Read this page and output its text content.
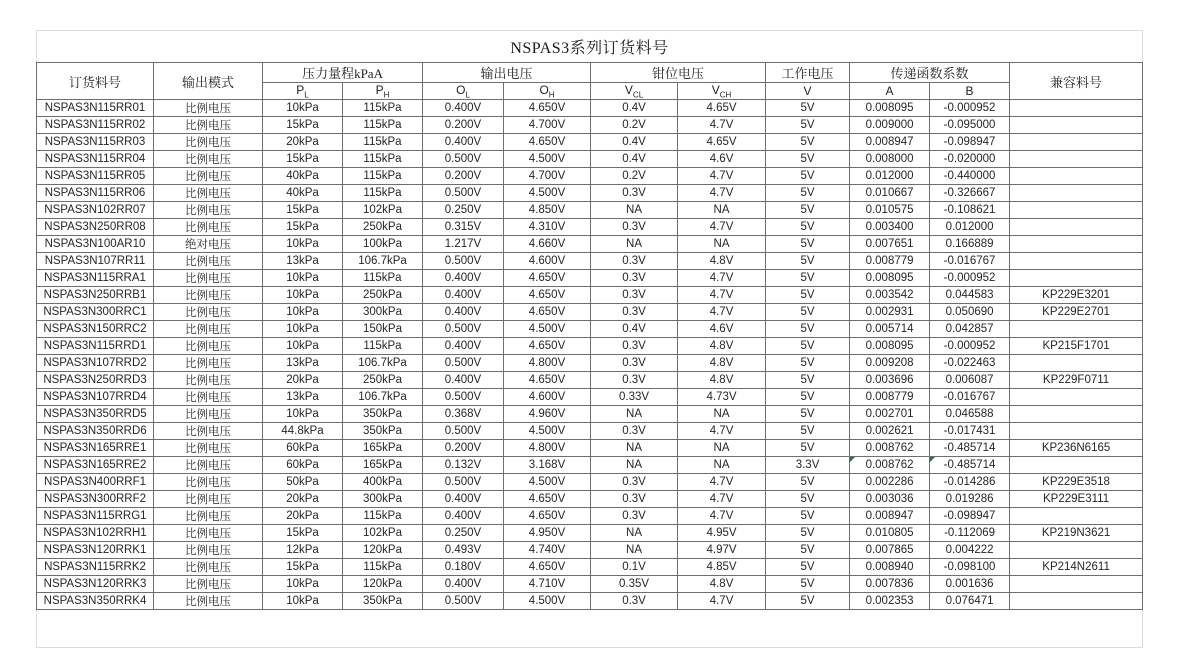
NSPAS3系列订货料号
订货料号	输出模式	压力量程kPaA		输出电压		钳位电压		工作电压	传递函数系数		兼容料号
		$P_L$	$P_H$	$O_L$	$O_H$	$V_{CL}$	$V_{CH}$	V	A	B	
NSPAS3N115RR01	比例电压	10kPa	115kPa	0.400V	4.650V	0.4V	4.65V	5V	0.008095	-0.000952	
NSPAS3N115RR02	比例电压	15kPa	115kPa	0.200V	4.700V	0.2V	4.7V	5V	0.009000	-0.095000	
NSPAS3N115RR03	比例电压	20kPa	115kPa	0.400V	4.650V	0.4V	4.65V	5V	0.008947	-0.098947	
NSPAS3N115RR04	比例电压	15kPa	115kPa	0.500V	4.500V	0.4V	4.6V	5V	0.008000	-0.020000	
NSPAS3N115RR05	比例电压	40kPa	115kPa	0.200V	4.700V	0.2V	4.7V	5V	0.012000	-0.440000	
NSPAS3N115RR06	比例电压	40kPa	115kPa	0.500V	4.500V	0.3V	4.7V	5V	0.010667	-0.326667	
NSPAS3N102RR07	比例电压	15kPa	102kPa	0.250V	4.850V	NA	NA	5V	0.010575	-0.108621	
NSPAS3N250RR08	比例电压	15kPa	250kPa	0.315V	4.310V	0.3V	4.7V	5V	0.003400	0.012000	
NSPAS3N100AR10	绝对电压	10kPa	100kPa	1.217V	4.660V	NA	NA	5V	0.007651	0.166889	
NSPAS3N107RR11	比例电压	13kPa	106.7kPa	0.500V	4.600V	0.3V	4.8V	5V	0.008779	-0.016767	
NSPAS3N115RRA1	比例电压	10kPa	115kPa	0.400V	4.650V	0.3V	4.7V	5V	0.008095	-0.000952	
NSPAS3N250RRB1	比例电压	10kPa	250kPa	0.400V	4.650V	0.3V	4.7V	5V	0.003542	0.044583	KP229E3201
NSPAS3N300RRC1	比例电压	10kPa	300kPa	0.400V	4.650V	0.3V	4.7V	5V	0.002931	0.050690	KP229E2701
NSPAS3N150RRC2	比例电压	10kPa	150kPa	0.500V	4.500V	0.4V	4.6V	5V	0.005714	0.042857	
NSPAS3N115RRD1	比例电压	10kPa	115kPa	0.400V	4.650V	0.3V	4.8V	5V	0.008095	-0.000952	KP215F1701
NSPAS3N107RRD2	比例电压	13kPa	106.7kPa	0.500V	4.800V	0.3V	4.8V	5V	0.009208	-0.022463	
NSPAS3N250RRD3	比例电压	20kPa	250kPa	0.400V	4.650V	0.3V	4.8V	5V	0.003696	0.006087	KP229F0711
NSPAS3N107RRD4	比例电压	13kPa	106.7kPa	0.500V	4.600V	0.33V	4.73V	5V	0.008779	-0.016767	
NSPAS3N350RRD5	比例电压	10kPa	350kPa	0.368V	4.960V	NA	NA	5V	0.002701	0.046588	
NSPAS3N350RRD6	比例电压	44.8kPa	350kPa	0.500V	4.500V	0.3V	4.7V	5V	0.002621	-0.017431	
NSPAS3N165RRE1	比例电压	60kPa	165kPa	0.200V	4.800V	NA	NA	5V	0.008762	-0.485714	KP236N6165
NSPAS3N165RRE2	比例电压	60kPa	165kPa	0.132V	3.168V	NA	NA	3.3V	0.008762	-0.485714	
NSPAS3N400RRF1	比例电压	50kPa	400kPa	0.500V	4.500V	0.3V	4.7V	5V	0.002286	-0.014286	KP229E3518
NSPAS3N300RRF2	比例电压	20kPa	300kPa	0.400V	4.650V	0.3V	4.7V	5V	0.003036	0.019286	KP229E3111
NSPAS3N115RRG1	比例电压	20kPa	115kPa	0.400V	4.650V	0.3V	4.7V	5V	0.008947	-0.098947	
NSPAS3N102RRH1	比例电压	15kPa	102kPa	0.250V	4.950V	NA	4.95V	5V	0.010805	-0.112069	KP219N3621
NSPAS3N120RRK1	比例电压	12kPa	120kPa	0.493V	4.740V	NA	4.97V	5V	0.007865	0.004222	
NSPAS3N115RRK2	比例电压	15kPa	115kPa	0.180V	4.650V	0.1V	4.85V	5V	0.008940	-0.098100	KP214N2611
NSPAS3N120RRK3	比例电压	10kPa	120kPa	0.400V	4.710V	0.35V	4.8V	5V	0.007836	0.001636	
NSPAS3N350RRK4	比例电压	10kPa	350kPa	0.500V	4.500V	0.3V	4.7V	5V	0.002353	0.076471	
